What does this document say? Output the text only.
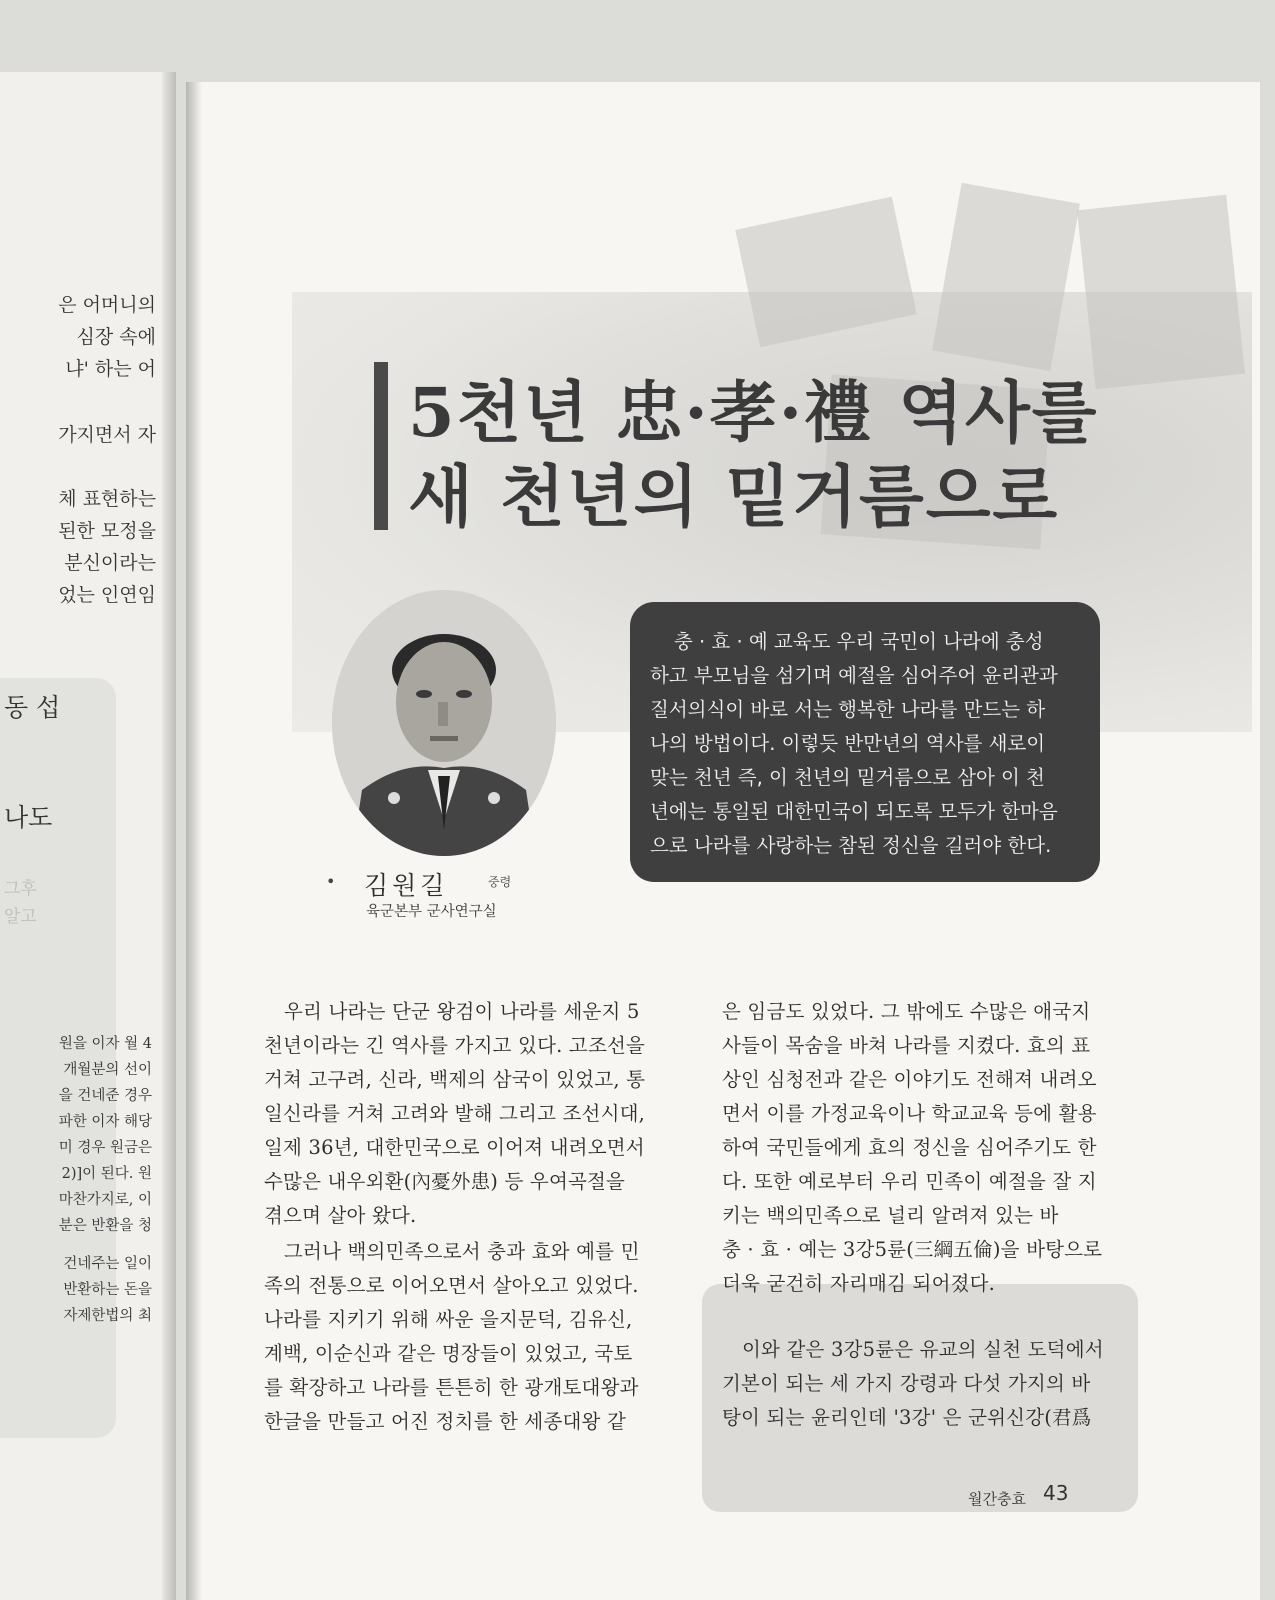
은 어머니의
심장 속에
냐' 하는 어
가지면서 자
체 표현하는
된한 모정을
분신이라는
었는 인연임
동 섭
나도
그후
알고
원을 이자 월 4
개월분의 선이
을 건네준 경우
파한 이자 해당
미 경우 원금은
2)]이 된다. 원
마찬가지로, 이
분은 반환을 청
건네주는 일이
반환하는 돈을
자제한법의 최
5천년 忠·孝·禮 역사를
새 천년의 밑거름으로
• 김원길	중령
육군본부 군사연구실
충 · 효 · 예 교육도 우리 국민이 나라에 충성
하고 부모님을 섬기며 예절을 심어주어 윤리관과
질서의식이 바로 서는 행복한 나라를 만드는 하
나의 방법이다. 이렇듯 반만년의 역사를 새로이
맞는 천년 즉, 이 천년의 밑거름으로 삼아 이 천
년에는 통일된 대한민국이 되도록 모두가 한마음
으로 나라를 사랑하는 참된 정신을 길러야 한다.
우리 나라는 단군 왕검이 나라를 세운지 5
천년이라는 긴 역사를 가지고 있다. 고조선을
거쳐 고구려, 신라, 백제의 삼국이 있었고, 통
일신라를 거쳐 고려와 발해 그리고 조선시대,
일제 36년, 대한민국으로 이어져 내려오면서
수많은 내우외환(內憂外患) 등 우여곡절을
겪으며 살아 왔다.
그러나 백의민족으로서 충과 효와 예를 민
족의 전통으로 이어오면서 살아오고 있었다.
나라를 지키기 위해 싸운 을지문덕, 김유신,
계백, 이순신과 같은 명장들이 있었고, 국토
를 확장하고 나라를 튼튼히 한 광개토대왕과
한글을 만들고 어진 정치를 한 세종대왕 같
은 임금도 있었다. 그 밖에도 수많은 애국지
사들이 목숨을 바쳐 나라를 지켰다. 효의 표
상인 심청전과 같은 이야기도 전해져 내려오
면서 이를 가정교육이나 학교교육 등에 활용
하여 국민들에게 효의 정신을 심어주기도 한
다. 또한 예로부터 우리 민족이 예절을 잘 지
키는 백의민족으로 널리 알려져 있는 바
충 · 효 · 예는 3강5륜(三綱五倫)을 바탕으로
더욱 굳건히 자리매김 되어졌다.
이와 같은 3강5륜은 유교의 실천 도덕에서
기본이 되는 세 가지 강령과 다섯 가지의 바
탕이 되는 윤리인데 '3강' 은 군위신강(君爲
월간충효 43
